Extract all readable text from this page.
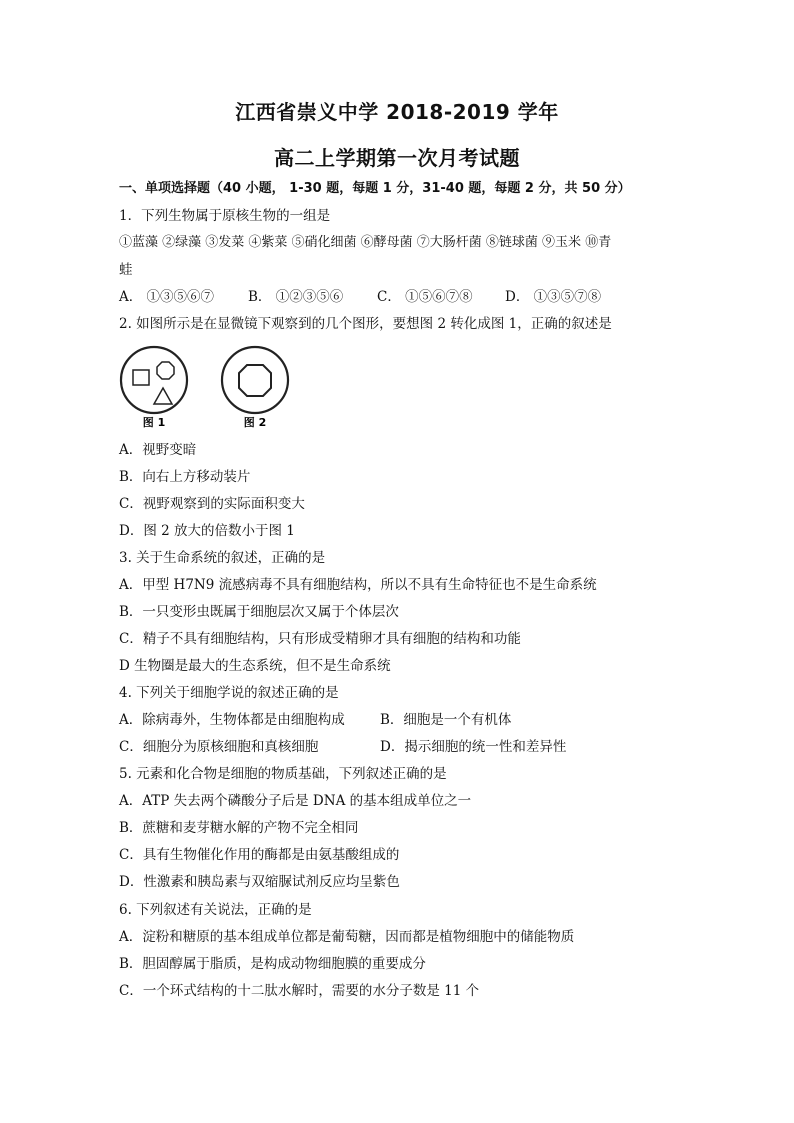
江西省崇义中学 2018-2019 学年
高二上学期第一次月考试题
一、单项选择题（40 小题， 1-30 题，每题 1 分，31-40 题，每题 2 分，共 50 分）
1．下列生物属于原核生物的一组是
①蓝藻 ②绿藻 ③发菜 ④紫菜 ⑤硝化细菌 ⑥酵母菌 ⑦大肠杆菌 ⑧链球菌 ⑨玉米 ⑩青
蛙
A． ①③⑤⑥⑦	B． ①②③⑤⑥	C． ①⑤⑥⑦⑧ D． ①③⑤⑦⑧
2. 如图所示是在显微镜下观察到的几个图形，要想图 2 转化成图 1，正确的叙述是
图 1	图 2
A．视野变暗
B．向右上方移动装片
C．视野观察到的实际面积变大
D．图 2 放大的倍数小于图 1
3. 关于生命系统的叙述，正确的是
A．甲型 H7N9 流感病毒不具有细胞结构，所以不具有生命特征也不是生命系统
B．一只变形虫既属于细胞层次又属于个体层次
C．精子不具有细胞结构，只有形成受精卵才具有细胞的结构和功能
D 生物圈是最大的生态系统，但不是生命系统
4. 下列关于细胞学说的叙述正确的是
A．除病毒外，生物体都是由细胞构成	B．细胞是一个有机体
C．细胞分为原核细胞和真核细胞	D．揭示细胞的统一性和差异性
5. 元素和化合物是细胞的物质基础，下列叙述正确的是
A．ATP 失去两个磷酸分子后是 DNA 的基本组成单位之一
B．蔗糖和麦芽糖水解的产物不完全相同
C．具有生物催化作用的酶都是由氨基酸组成的
D．性激素和胰岛素与双缩脲试剂反应均呈紫色
6. 下列叙述有关说法，正确的是
A．淀粉和糖原的基本组成单位都是葡萄糖，因而都是植物细胞中的储能物质
B．胆固醇属于脂质，是构成动物细胞膜的重要成分
C．一个环式结构的十二肽水解时，需要的水分子数是 11 个
